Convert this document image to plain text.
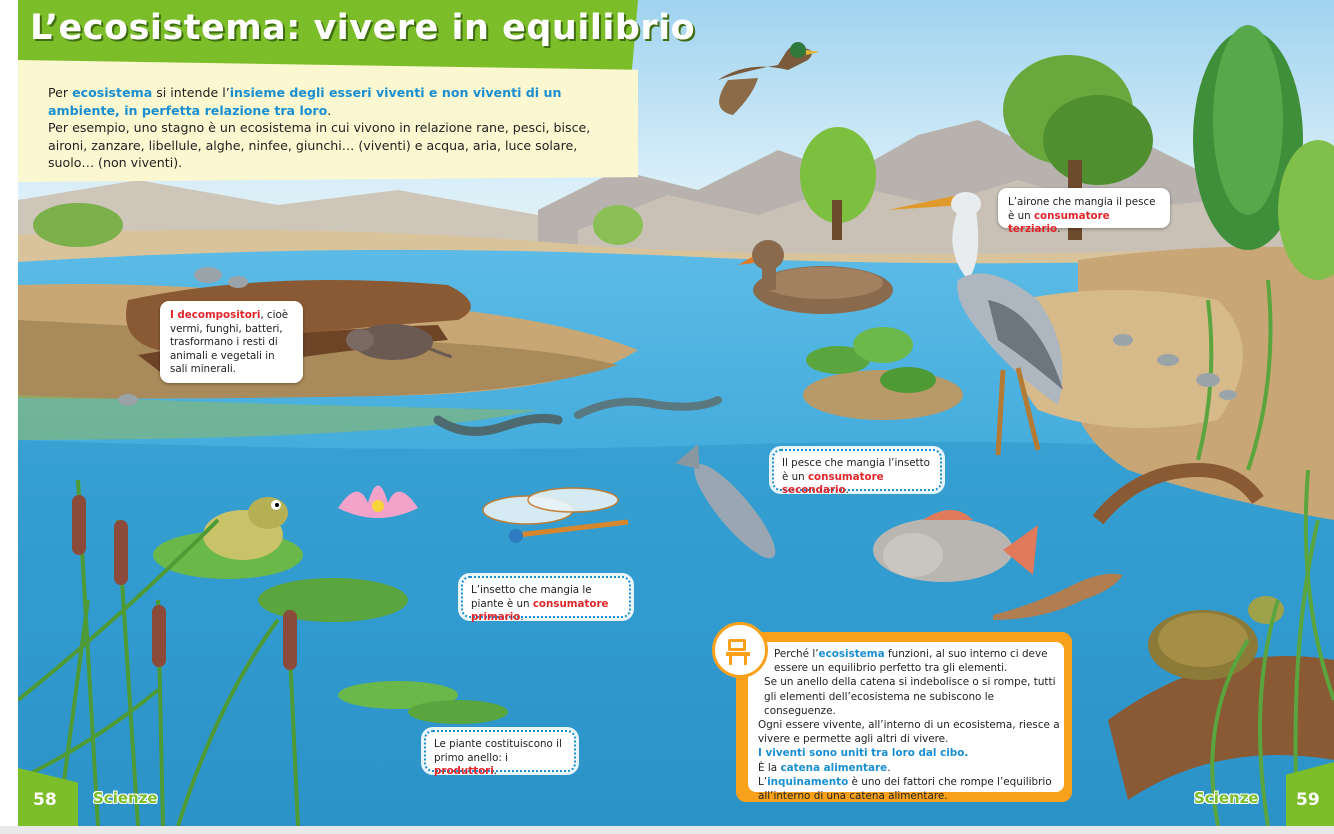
L’ecosistema: vivere in equilibrio
Per ecosistema si intende l’insieme degli esseri viventi e non viventi di un ambiente, in perfetta relazione tra loro.
Per esempio, uno stagno è un ecosistema in cui vivono in relazione rane, pesci, bisce, aironi, zanzare, libellule, alghe, ninfee, giunchi… (viventi) e acqua, aria, luce solare, suolo… (non viventi).
I decompositori, cioè vermi, funghi, batteri, trasformano i resti di animali e vegetali in sali minerali.
L’airone che mangia il pesce è un consumatore terziario.
Il pesce che mangia l’insetto è un consumatore secondario.
L’insetto che mangia le piante è un consumatore primario.
Le piante costituiscono il primo anello: i produttori.
Perché l’ecosistema funzioni, al suo interno ci deve essere un equilibrio perfetto tra gli elementi.
Se un anello della catena si indebolisce o si rompe, tutti gli elementi dell’ecosistema ne subiscono le conseguenze.
Ogni essere vivente, all’interno di un ecosistema, riesce a vivere e permette agli altri di vivere.
I viventi sono uniti tra loro dal cibo.
È la catena alimentare.
L’inquinamento è uno dei fattori che rompe l’equilibrio all’interno di una catena alimentare.
58 Scienze	59
Scienze
